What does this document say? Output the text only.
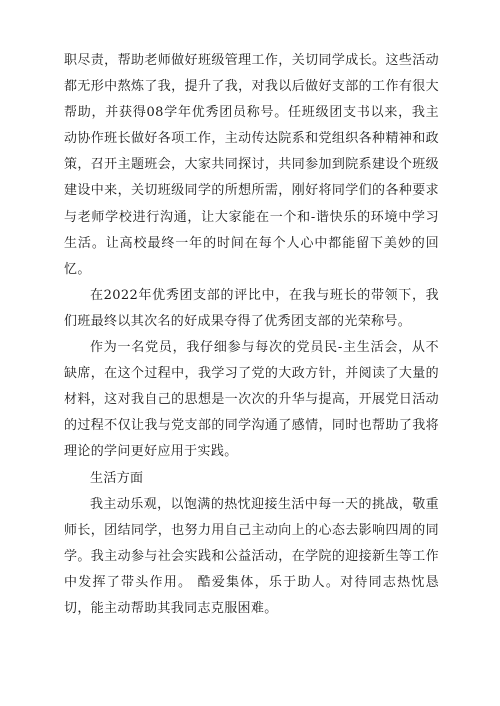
职尽责，帮助老师做好班级管理工作，关切同学成长。这些活动都无形中熬炼了我，提升了我，对我以后做好支部的工作有很大帮助，并获得08学年优秀团员称号。任班级团支书以来，我主动协作班长做好各项工作，主动传达院系和党组织各种精神和政策，召开主题班会，大家共同探讨，共同参加到院系建设个班级建设中来，关切班级同学的所想所需，刚好将同学们的各种要求与老师学校进行沟通，让大家能在一个和-谐快乐的环境中学习生活。让高校最终一年的时间在每个人心中都能留下美妙的回忆。

在2022年优秀团支部的评比中，在我与班长的带领下，我们班最终以其次名的好成果夺得了优秀团支部的光荣称号。

作为一名党员，我仔细参与每次的党员民-主生活会，从不缺席，在这个过程中，我学习了党的大政方针，并阅读了大量的材料，这对我自己的思想是一次次的升华与提高，开展党日活动的过程不仅让我与党支部的同学沟通了感情，同时也帮助了我将理论的学问更好应用于实践。

生活方面

我主动乐观，以饱满的热忱迎接生活中每一天的挑战，敬重师长，团结同学，也努力用自己主动向上的心态去影响四周的同学。我主动参与社会实践和公益活动，在学院的迎接新生等工作中发挥了带头作用。 酷爱集体，乐于助人。对待同志热忱恳切，能主动帮助其我同志克服困难。
